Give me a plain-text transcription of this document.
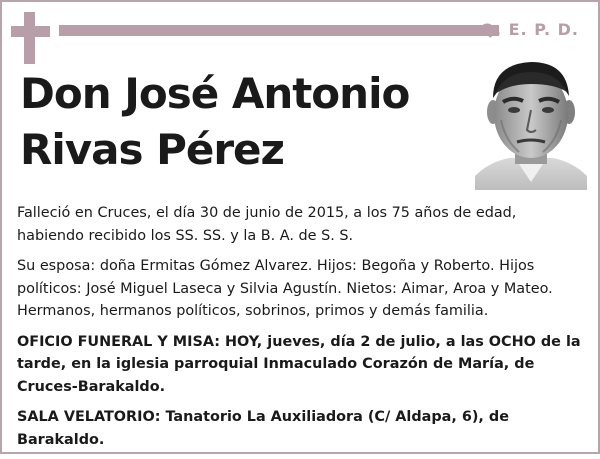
Q. E. P. D.
Don José Antonio
Rivas Pérez

Falleció en Cruces, el día 30 de junio de 2015, a los 75 años de edad, habiendo recibido los SS. SS. y la B. A. de S. S.

Su esposa: doña Ermitas Gómez Alvarez. Hijos: Begoña y Roberto. Hijos políticos: José Miguel Laseca y Silvia Agustín. Nietos: Aimar, Aroa y Mateo. Hermanos, hermanos políticos, sobrinos, primos y demás familia.

OFICIO FUNERAL Y MISA: HOY, jueves, día 2 de julio, a las OCHO de la tarde, en la iglesia parroquial Inmaculado Corazón de María, de Cruces-Barakaldo.

SALA VELATORIO: Tanatorio La Auxiliadora (C/ Aldapa, 6), de Barakaldo.
